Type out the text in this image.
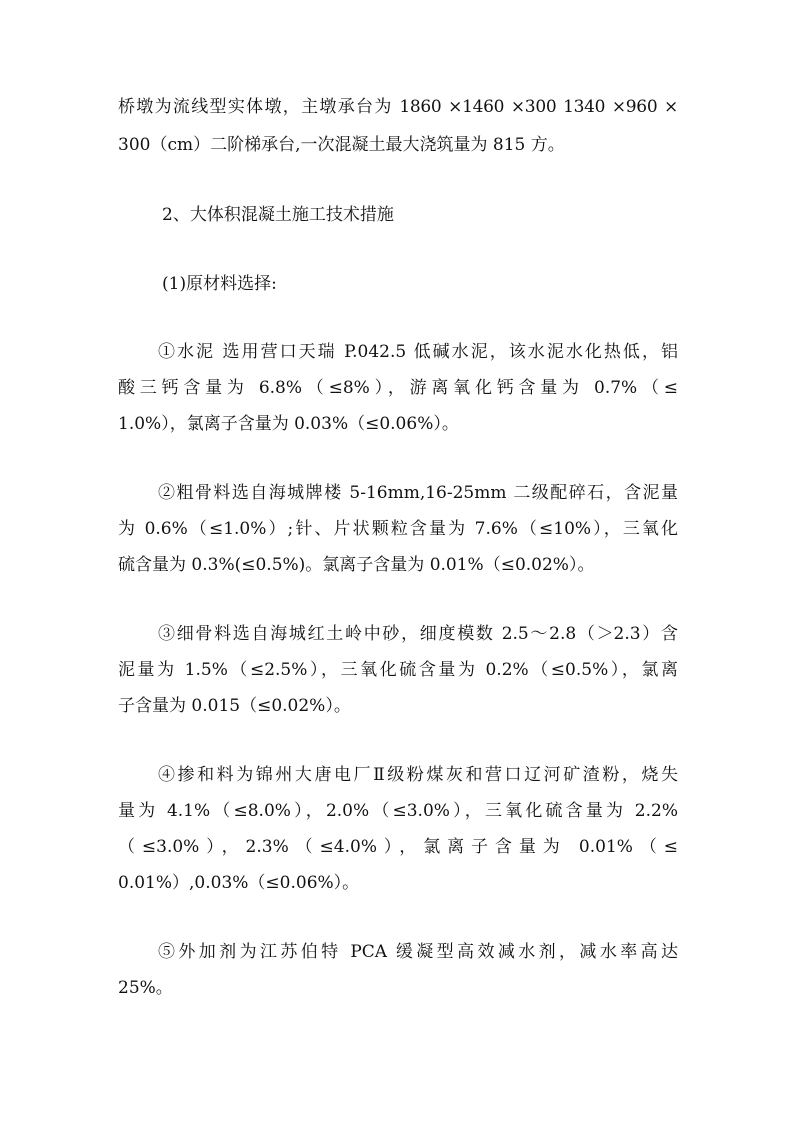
桥墩为流线型实体墩，主墩承台为 1860 ×1460 ×300 1340 ×960 ×
300（cm）二阶梯承台,一次混凝土最大浇筑量为 815 方。
2、大体积混凝土施工技术措施
(1)原材料选择:
①水泥 选用营口天瑞 P.042.5 低碱水泥，该水泥水化热低，铝
酸三钙含量为 6.8%（≤8%），游离氧化钙含量为 0.7%（≤
1.0%），氯离子含量为 0.03%（≤0.06%）。
②粗骨料选自海城牌楼 5-16mm,16-25mm 二级配碎石，含泥量
为 0.6%（≤1.0%）;针、片状颗粒含量为 7.6%（≤10%），三氧化
硫含量为 0.3%(≤0.5%)。氯离子含量为 0.01%（≤0.02%）。
③细骨料选自海城红土岭中砂，细度模数 2.5～2.8（＞2.3）含
泥量为 1.5%（≤2.5%），三氧化硫含量为 0.2%（≤0.5%），氯离
子含量为 0.015（≤0.02%）。
④掺和料为锦州大唐电厂Ⅱ级粉煤灰和营口辽河矿渣粉，烧失
量为 4.1%（≤8.0%），2.0%（≤3.0%），三氧化硫含量为 2.2%
（≤3.0%），2.3%（≤4.0%），氯离子含量为 0.01%（≤
0.01%）,0.03%（≤0.06%）。
⑤外加剂为江苏伯特 PCA 缓凝型高效减水剂，减水率高达
25%。
